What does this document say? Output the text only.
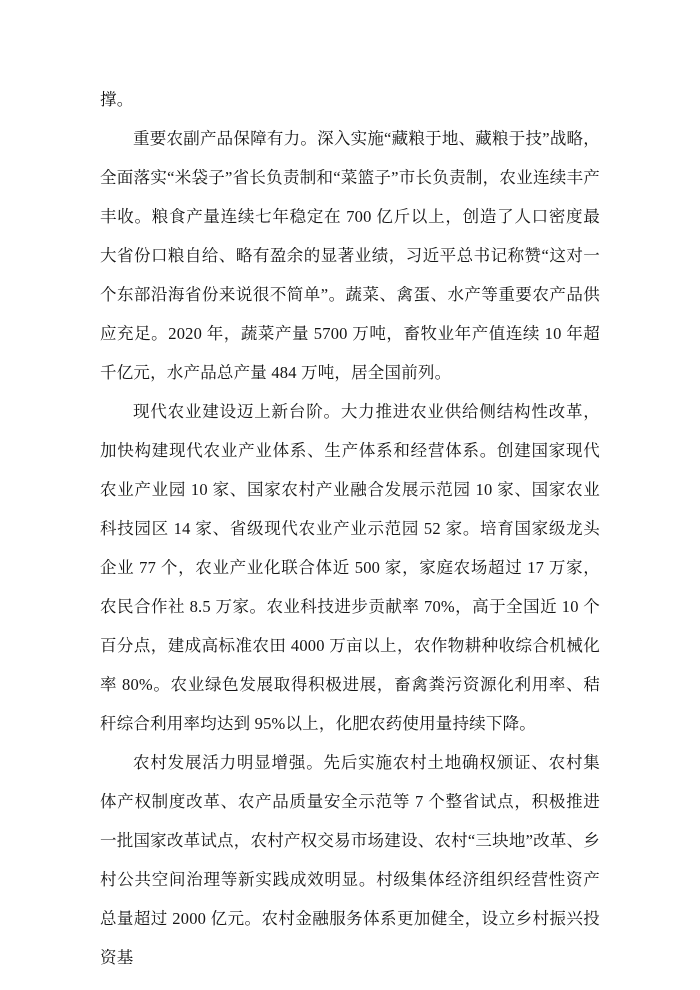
撑。

重要农副产品保障有力。深入实施“藏粮于地、藏粮于技”战略，全面落实“米袋子”省长负责制和“菜篮子”市长负责制，农业连续丰产丰收。粮食产量连续七年稳定在 700 亿斤以上，创造了人口密度最大省份口粮自给、略有盈余的显著业绩，习近平总书记称赞“这对一个东部沿海省份来说很不简单”。蔬菜、禽蛋、水产等重要农产品供应充足。2020 年，蔬菜产量 5700 万吨，畜牧业年产值连续 10 年超千亿元，水产品总产量 484 万吨，居全国前列。

现代农业建设迈上新台阶。大力推进农业供给侧结构性改革，加快构建现代农业产业体系、生产体系和经营体系。创建国家现代农业产业园 10 家、国家农村产业融合发展示范园 10 家、国家农业科技园区 14 家、省级现代农业产业示范园 52 家。培育国家级龙头企业 77 个，农业产业化联合体近 500 家，家庭农场超过 17 万家，农民合作社 8.5 万家。农业科技进步贡献率 70%，高于全国近 10 个百分点，建成高标准农田 4000 万亩以上，农作物耕种收综合机械化率 80%。农业绿色发展取得积极进展，畜禽粪污资源化利用率、秸秆综合利用率均达到 95%以上，化肥农药使用量持续下降。

农村发展活力明显增强。先后实施农村土地确权颁证、农村集体产权制度改革、农产品质量安全示范等 7 个整省试点，积极推进一批国家改革试点，农村产权交易市场建设、农村“三块地”改革、乡村公共空间治理等新实践成效明显。村级集体经济组织经营性资产总量超过 2000 亿元。农村金融服务体系更加健全，设立乡村振兴投资基
